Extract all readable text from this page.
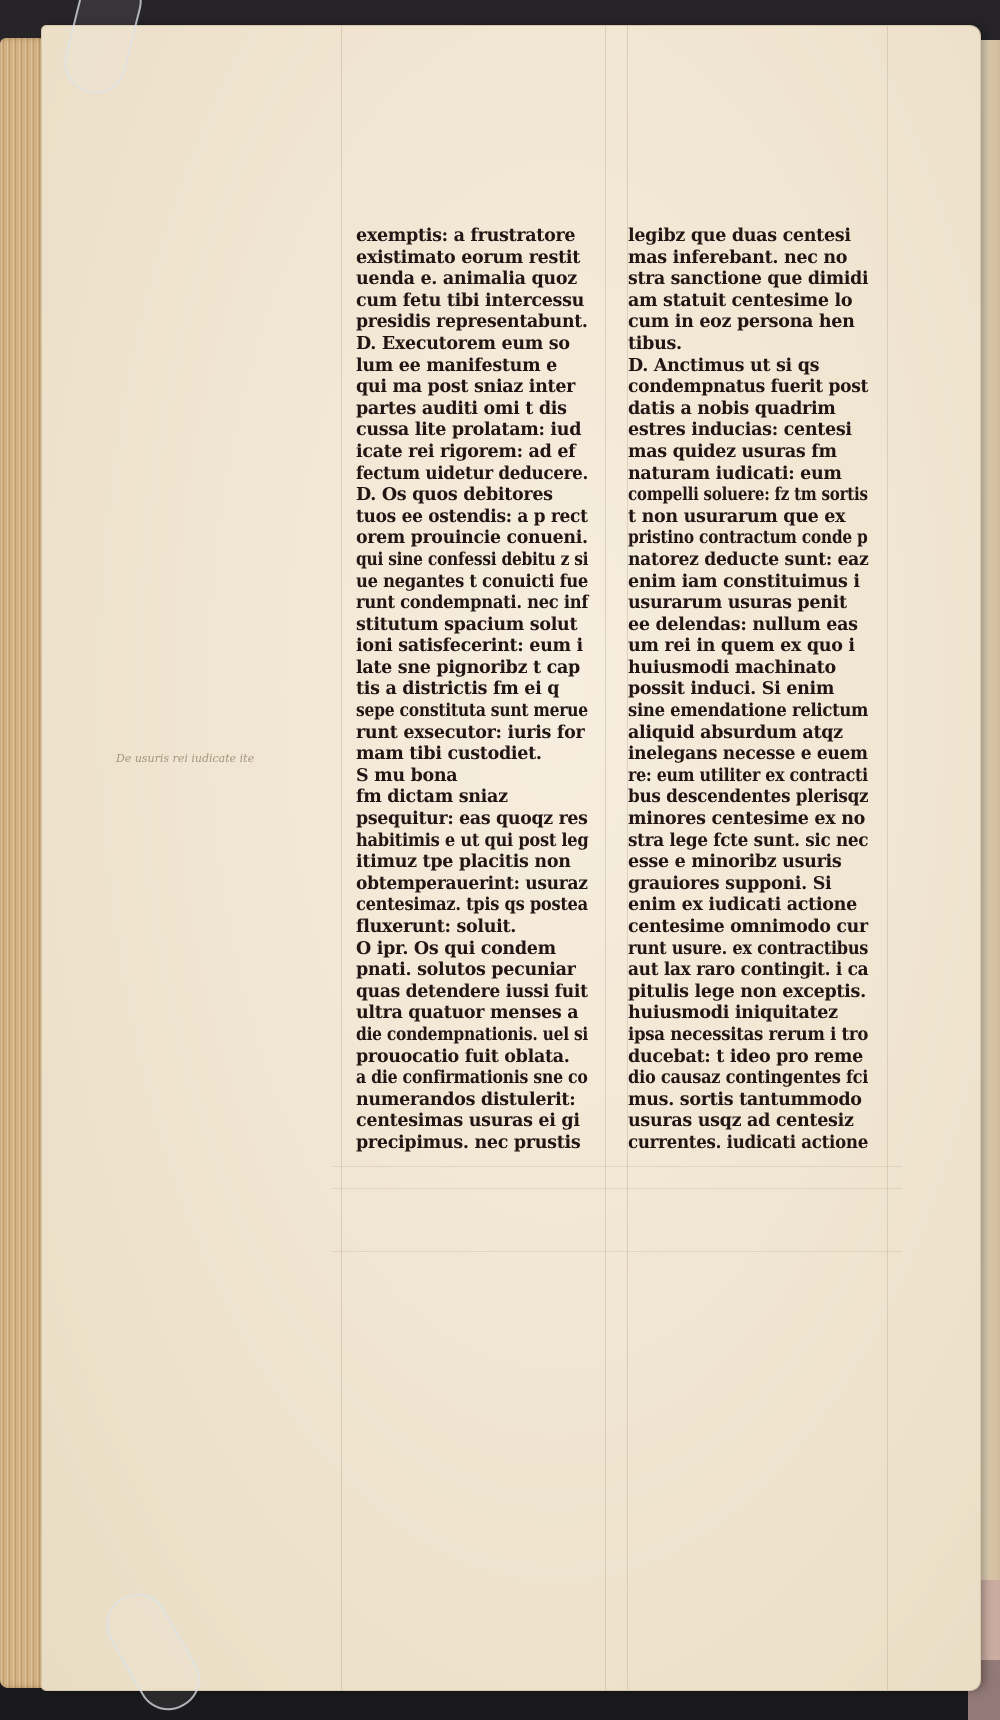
De usuris rei iudicate ite
exemptis: a frustratore
existimato eorum restit
uenda e. animalia quoz
cum fetu tibi intercessu
presidis representabunt.
D. Executorem eum so
lum ee manifestum e
qui ma post sniaz inter
partes auditi omi t dis
cussa lite prolatam: iud
icate rei rigorem: ad ef
fectum uidetur deducere.
D. Os quos debitores
tuos ee ostendis: a p rect
orem prouincie conueni.
qui sine confessi debitu z si
ue negantes t conuicti fue
runt condempnati. nec inf
stitutum spacium solut
ioni satisfecerint: eum i
late sne pignoribz t cap
tis a districtis fm ei q
sepe constituta sunt merue
runt exsecutor: iuris for
mam tibi custodiet.
S mu bona
fm dictam sniaz
psequitur: eas quoqz res
habitimis e ut qui post leg
itimuz tpe placitis non
obtemperauerint: usuraz
centesimaz. tpis qs postea
fluxerunt: soluit.
O ipr. Os qui condem
pnati. solutos pecuniar
quas detendere iussi fuit
ultra quatuor menses a
die condempnationis. uel si
prouocatio fuit oblata.
a die confirmationis sne co
numerandos distulerit:
centesimas usuras ei gi
precipimus. nec prustis
legibz que duas centesi
mas inferebant. nec no
stra sanctione que dimidi
am statuit centesime lo
cum in eoz persona hen
tibus.
D. Anctimus ut si qs
condempnatus fuerit post
datis a nobis quadrim
estres inducias: centesi
mas quidez usuras fm
naturam iudicati: eum
compelli soluere: fz tm sortis
t non usurarum que ex
pristino contractum conde p
natorez deducte sunt: eaz
enim iam constituimus i
usurarum usuras penit
ee delendas: nullum eas
um rei in quem ex quo i
huiusmodi machinato
possit induci. Si enim
sine emendatione relictum
aliquid absurdum atqz
inelegans necesse e euem
re: eum utiliter ex contracti
bus descendentes plerisqz
minores centesime ex no
stra lege fcte sunt. sic nec
esse e minoribz usuris
grauiores supponi. Si
enim ex iudicati actione
centesime omnimodo cur
runt usure. ex contractibus
aut lax raro contingit. i ca
pitulis lege non exceptis.
huiusmodi iniquitatez
ipsa necessitas rerum i tro
ducebat: t ideo pro reme
dio causaz contingentes fci
mus. sortis tantummodo
usuras usqz ad centesiz
currentes. iudicati actione
